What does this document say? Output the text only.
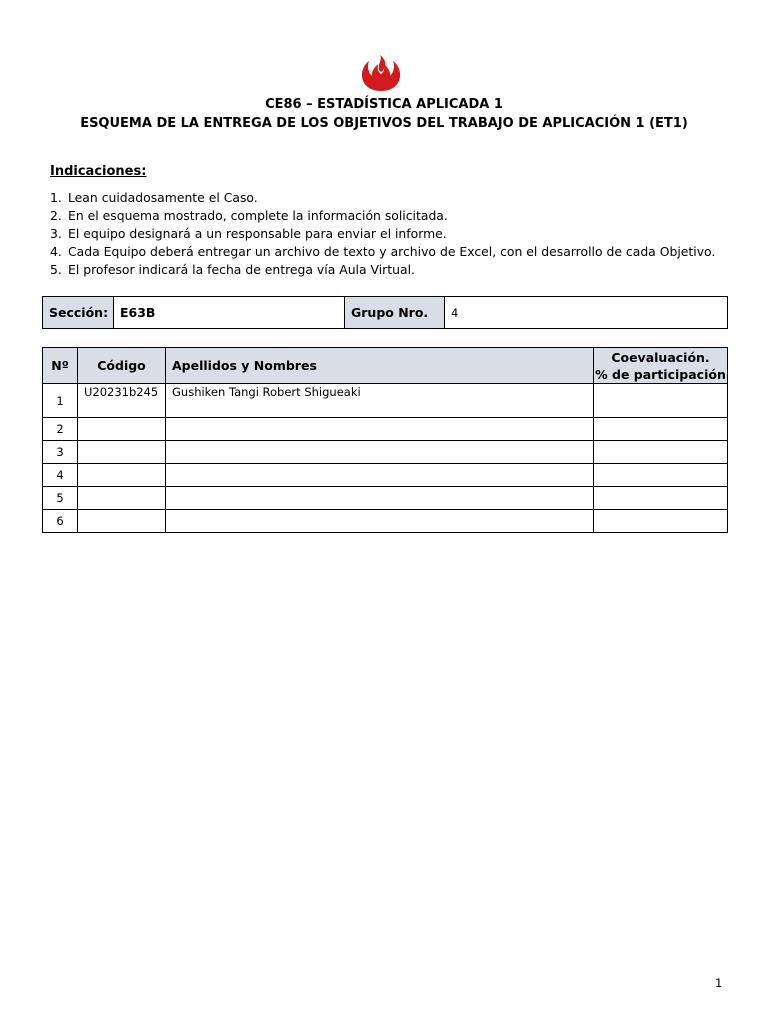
CE86 – ESTADÍSTICA APLICADA 1
ESQUEMA DE LA ENTREGA DE LOS OBJETIVOS DEL TRABAJO DE APLICACIÓN 1 (ET1)
Indicaciones:
1. Lean cuidadosamente el Caso.
2. En el esquema mostrado, complete la información solicitada.
3. El equipo designará a un responsable para enviar el informe.
4. Cada Equipo deberá entregar un archivo de texto y archivo de Excel, con el desarrollo de cada Objetivo.
5. El profesor indicará la fecha de entrega vía Aula Virtual.
Sección:	E63B	Grupo Nro.	4
Nº	Código	Apellidos y Nombres	Coevaluación.
% de participación

1	U20231b245	Gushiken Tangi Robert Shigueaki	
2			
3			
4			
5			
6			
1
